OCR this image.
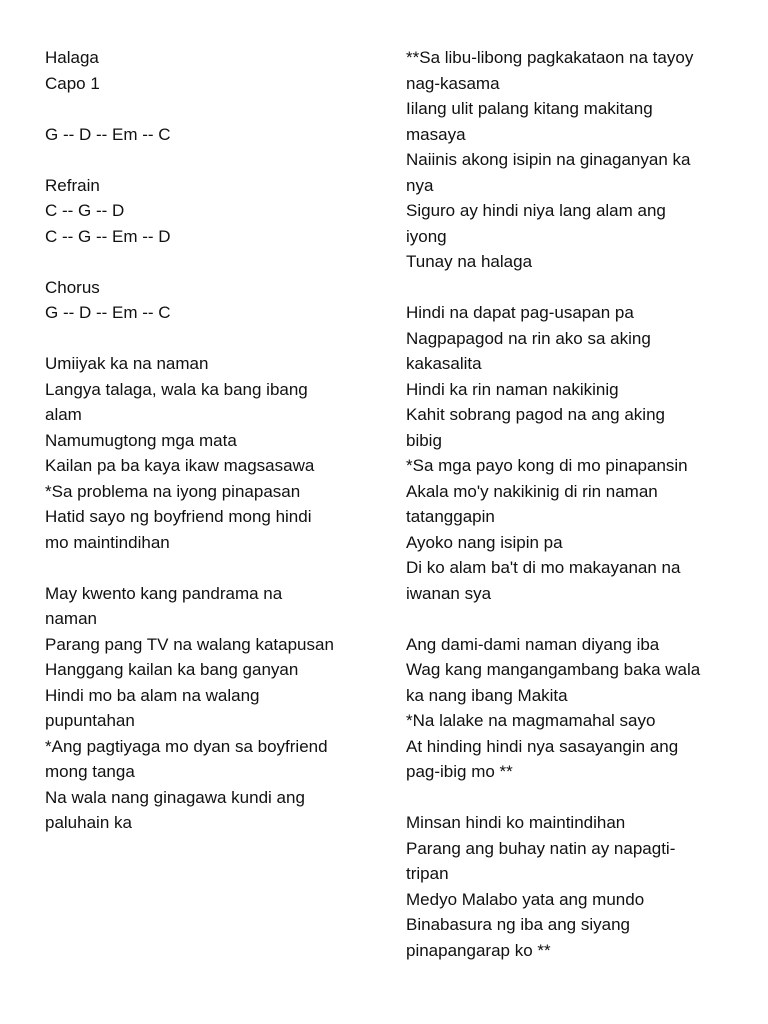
Halaga
Capo 1
G -- D -- Em -- C
Refrain
C -- G -- D
C -- G -- Em -- D
Chorus
G -- D -- Em -- C
Umiiyak ka na naman
Langya talaga, wala ka bang ibang
alam
Namumugtong mga mata
Kailan pa ba kaya ikaw magsasawa
*Sa problema na iyong pinapasan
Hatid sayo ng boyfriend mong hindi
mo maintindihan
May kwento kang pandrama na
naman
Parang pang TV na walang katapusan
Hanggang kailan ka bang ganyan
Hindi mo ba alam na walang
pupuntahan
*Ang pagtiyaga mo dyan sa boyfriend
mong tanga
Na wala nang ginagawa kundi ang
paluhain ka
**Sa libu-libong pagkakataon na tayoy
nag-kasama
Iilang ulit palang kitang makitang
masaya
Naiinis akong isipin na ginaganyan ka
nya
Siguro ay hindi niya lang alam ang
iyong
Tunay na halaga
Hindi na dapat pag-usapan pa
Nagpapagod na rin ako sa aking
kakasalita
Hindi ka rin naman nakikinig
Kahit sobrang pagod na ang aking
bibig
*Sa mga payo kong di mo pinapansin
Akala mo'y nakikinig di rin naman
tatanggapin
Ayoko nang isipin pa
Di ko alam ba't di mo makayanan na
iwanan sya
Ang dami-dami naman diyang iba
Wag kang mangangambang baka wala
ka nang ibang Makita
*Na lalake na magmamahal sayo
At hinding hindi nya sasayangin ang
pag-ibig mo **
Minsan hindi ko maintindihan
Parang ang buhay natin ay napagti-
tripan
Medyo Malabo yata ang mundo
Binabasura ng iba ang siyang
pinapangarap ko **
